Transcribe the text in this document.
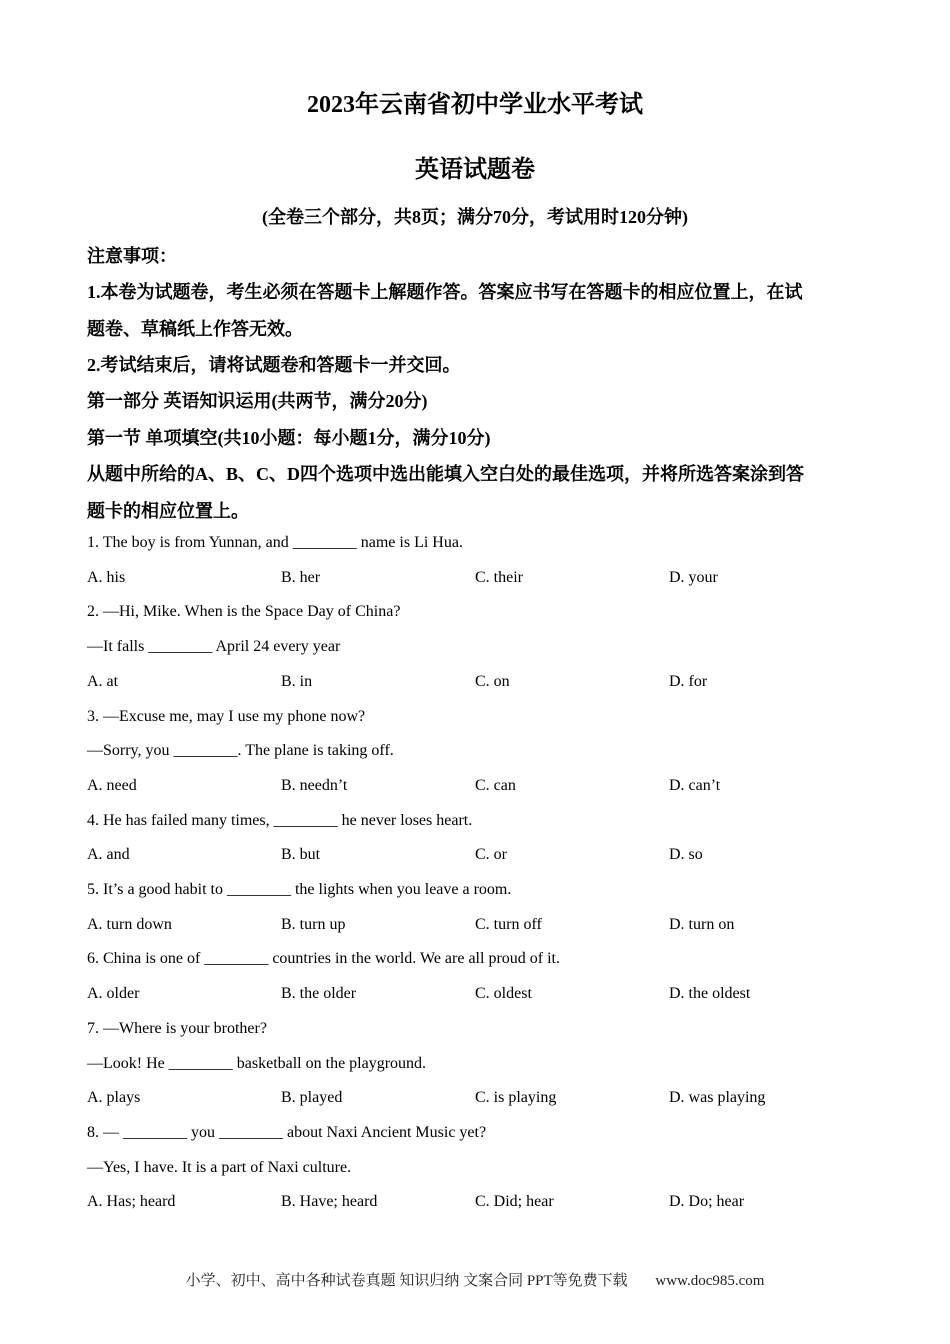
2023年云南省初中学业水平考试
英语试题卷
(全卷三个部分，共8页；满分70分，考试用时120分钟)
注意事项：
1.本卷为试题卷，考生必须在答题卡上解题作答。答案应书写在答题卡的相应位置上，在试
题卷、草稿纸上作答无效。
2.考试结束后，请将试题卷和答题卡一并交回。
第一部分 英语知识运用(共两节，满分20分)
第一节 单项填空(共10小题：每小题1分，满分10分)
从题中所给的A、B、C、D四个选项中选出能填入空白处的最佳选项，并将所选答案涂到答
题卡的相应位置上。
1. The boy is from Yunnan, and ________ name is Li Hua.
A. his	B. her	C. their	D. your
2. —Hi, Mike. When is the Space Day of China?
—It falls ________ April 24 every year
A. at	B. in	C. on	D. for
3. —Excuse me, may I use my phone now?
—Sorry, you ________. The plane is taking off.
A. need	B. needn’t	C. can	D. can’t
4. He has failed many times, ________ he never loses heart.
A. and	B. but	C. or	D. so
5. It’s a good habit to ________ the lights when you leave a room.
A. turn down	B. turn up	C. turn off	D. turn on
6. China is one of ________ countries in the world. We are all proud of it.
A. older	B. the older	C. oldest	D. the oldest
7. —Where is your brother?
—Look! He ________ basketball on the playground.
A. plays	B. played	C. is playing	D. was playing
8. — ________ you ________ about Naxi Ancient Music yet?
—Yes, I have. It is a part of Naxi culture.
A. Has; heard	B. Have; heard	C. Did; hear	D. Do; hear
小学、初中、高中各种试卷真题 知识归纳 文案合同 PPT等免费下载 www.doc985.com
